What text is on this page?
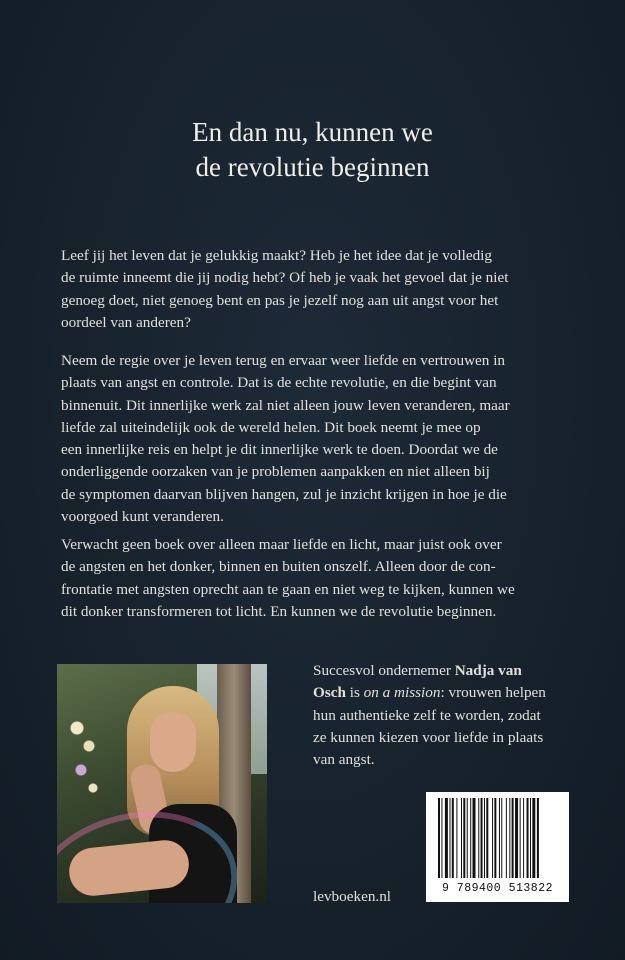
En dan nu, kunnen we
de revolutie beginnen
Leef jij het leven dat je gelukkig maakt? Heb je het idee dat je volledig
de ruimte inneemt die jij nodig hebt? Of heb je vaak het gevoel dat je niet
genoeg doet, niet genoeg bent en pas je jezelf nog aan uit angst voor het
oordeel van anderen?
Neem de regie over je leven terug en ervaar weer liefde en vertrouwen in
plaats van angst en controle. Dat is de echte revolutie, en die begint van
binnenuit. Dit innerlijke werk zal niet alleen jouw leven veranderen, maar
liefde zal uiteindelijk ook de wereld helen. Dit boek neemt je mee op
een innerlijke reis en helpt je dit innerlijke werk te doen. Doordat we de
onderliggende oorzaken van je problemen aanpakken en niet alleen bij
de symptomen daarvan blijven hangen, zul je inzicht krijgen in hoe je die
voorgoed kunt veranderen.
Verwacht geen boek over alleen maar liefde en licht, maar juist ook over
de angsten en het donker, binnen en buiten onszelf. Alleen door de con-
frontatie met angsten oprecht aan te gaan en niet weg te kijken, kunnen we
dit donker transformeren tot licht. En kunnen we de revolutie beginnen.
Succesvol ondernemer Nadja van
Osch is on a mission: vrouwen helpen
hun authentieke zelf te worden, zodat
ze kunnen kiezen voor liefde in plaats
van angst.
9 789400 513822
levboeken.nl
